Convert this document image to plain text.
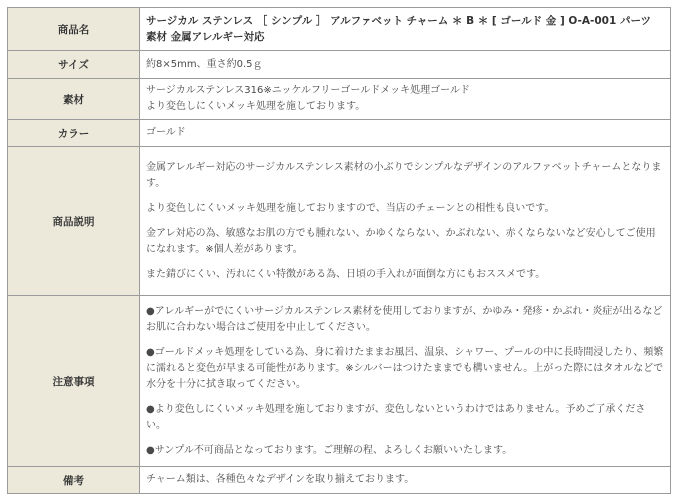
商品名	サージカル ステンレス ［ シンプル ］ アルファベット チャーム ＊ B ＊ [ ゴールド 金 ] O-A-001 パーツ 素材 金属アレルギー対応
サイズ	約8×5mm、重さ約0.5ｇ
素材	サージカルステンレス316※ニッケルフリーゴールドメッキ処理ゴールド

より変色しにくいメッキ処理を施しております。

カラー	ゴールド
商品説明	金属アレルギー対応のサージカルステンレス素材の小ぶりでシンプルなデザインのアルファベットチャームとなります。

より変色しにくいメッキ処理を施しておりますので、当店のチェーンとの相性も良いです。

金アレ対応の為、敏感なお肌の方でも腫れない、かゆくならない、かぶれない、赤くならないなど安心してご使用になれます。※個人差があります。

また錆びにくい、汚れにくい特徴がある為、日頃の手入れが面倒な方にもおススメです。

注意事項	●アレルギーがでにくいサージカルステンレス素材を使用しておりますが、かゆみ・発疹・かぶれ・炎症が出るなどお肌に合わない場合はご使用を中止してください。

●ゴールドメッキ処理をしている為、身に着けたままお風呂、温泉、シャワー、プールの中に長時間浸したり、頻繁に濡れると変色が早まる可能性があります。※シルバーはつけたままでも構いません。上がった際にはタオルなどで水分を十分に拭き取ってください。

●より変色しにくいメッキ処理を施しておりますが、変色しないというわけではありません。予めご了承ください。

●サンプル不可商品となっております。ご理解の程、よろしくお願いいたします。

備考	チャーム類は、各種色々なデザインを取り揃えております。
